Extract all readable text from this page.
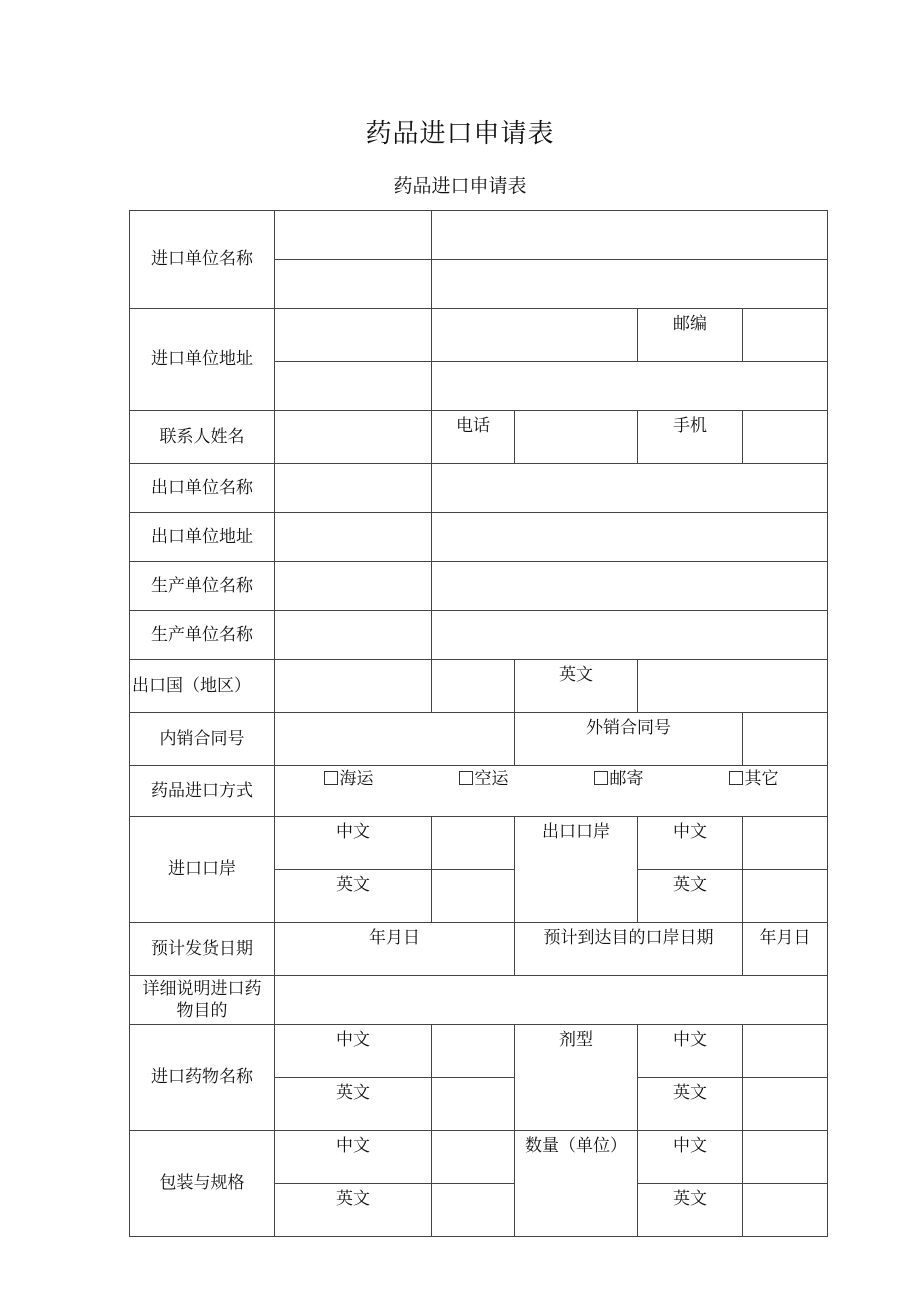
药品进口申请表
药品进口申请表
进口单位名称					

进口单位地址				邮编	

联系人姓名		电话		手机	
出口单位名称					
出口单位地址					
生产单位名称					
生产单位名称					
出口国（地区）			英文		
内销合同号			外销合同号		
药品进口方式	海运 空运 邮寄 其它				

进口口岸	中文		出口口岸	中文	
	英文			英文	
预计发货日期	年月日		预计到达目的口岸日期		年月日
详细说明进口药物目的					
进口药物名称	中文		剂型	中文	
	英文			英文	
包装与规格	中文		数量（单位）	中文	
	英文			英文	
